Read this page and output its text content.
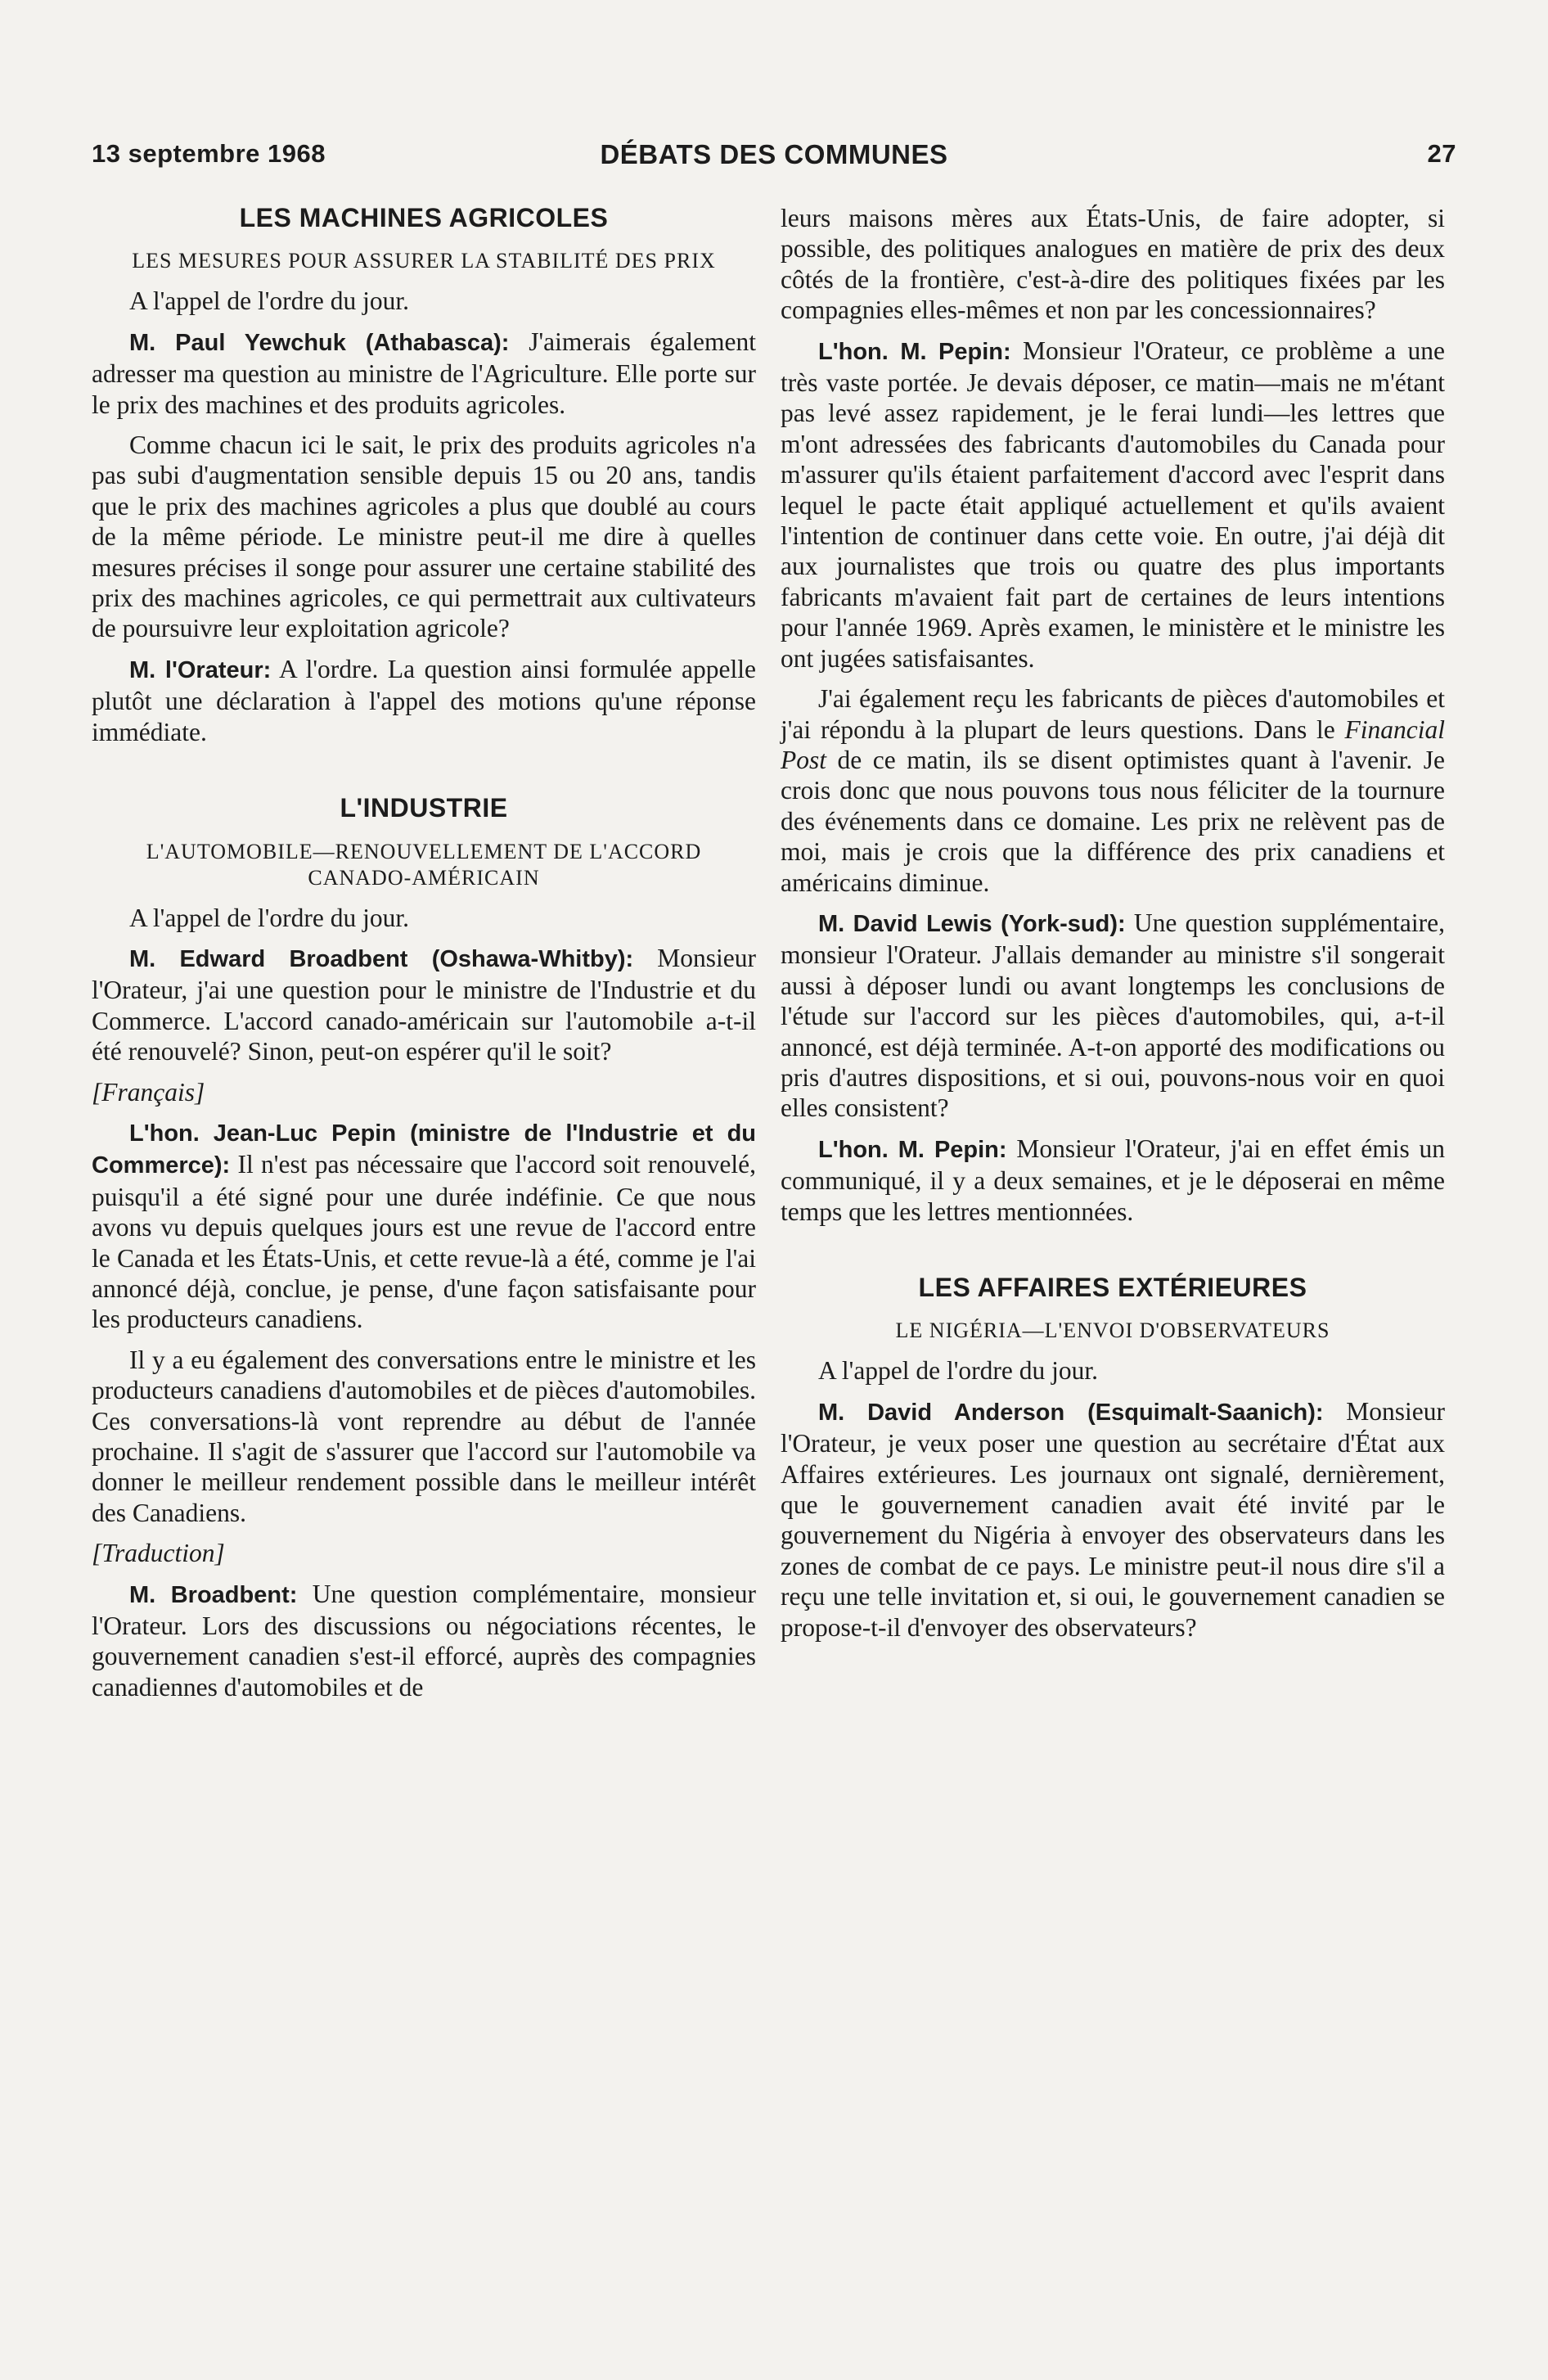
13 septembre 1968	DÉBATS DES COMMUNES	27
LES MACHINES AGRICOLES
LES MESURES POUR ASSURER LA STABILITÉ DES PRIX

A l'appel de l'ordre du jour.

M. Paul Yewchuk (Athabasca): J'aimerais également adresser ma question au ministre de l'Agriculture. Elle porte sur le prix des machines et des produits agricoles.

Comme chacun ici le sait, le prix des produits agricoles n'a pas subi d'augmentation sensible depuis 15 ou 20 ans, tandis que le prix des machines agricoles a plus que doublé au cours de la même période. Le ministre peut-il me dire à quelles mesures précises il songe pour assurer une certaine stabilité des prix des machines agricoles, ce qui permettrait aux cultivateurs de poursuivre leur exploitation agricole?

M. l'Orateur: A l'ordre. La question ainsi formulée appelle plutôt une déclaration à l'appel des motions qu'une réponse immédiate.

L'INDUSTRIE
L'AUTOMOBILE—RENOUVELLEMENT DE L'ACCORD CANADO-AMÉRICAIN

A l'appel de l'ordre du jour.

M. Edward Broadbent (Oshawa-Whitby): Monsieur l'Orateur, j'ai une question pour le ministre de l'Industrie et du Commerce. L'accord canado-américain sur l'automobile a-t-il été renouvelé? Sinon, peut-on espérer qu'il le soit?

[Français]

L'hon. Jean-Luc Pepin (ministre de l'Industrie et du Commerce): Il n'est pas nécessaire que l'accord soit renouvelé, puisqu'il a été signé pour une durée indéfinie. Ce que nous avons vu depuis quelques jours est une revue de l'accord entre le Canada et les États-Unis, et cette revue-là a été, comme je l'ai annoncé déjà, conclue, je pense, d'une façon satisfaisante pour les producteurs canadiens.

Il y a eu également des conversations entre le ministre et les producteurs canadiens d'automobiles et de pièces d'automobiles. Ces conversations-là vont reprendre au début de l'année prochaine. Il s'agit de s'assurer que l'accord sur l'automobile va donner le meilleur rendement possible dans le meilleur intérêt des Canadiens.

[Traduction]

M. Broadbent: Une question complémentaire, monsieur l'Orateur. Lors des discussions ou négociations récentes, le gouvernement canadien s'est-il efforcé, auprès des compagnies canadiennes d'automobiles et de

leurs maisons mères aux États-Unis, de faire adopter, si possible, des politiques analogues en matière de prix des deux côtés de la frontière, c'est-à-dire des politiques fixées par les compagnies elles-mêmes et non par les concessionnaires?

L'hon. M. Pepin: Monsieur l'Orateur, ce problème a une très vaste portée. Je devais déposer, ce matin—mais ne m'étant pas levé assez rapidement, je le ferai lundi—les lettres que m'ont adressées des fabricants d'automobiles du Canada pour m'assurer qu'ils étaient parfaitement d'accord avec l'esprit dans lequel le pacte était appliqué actuellement et qu'ils avaient l'intention de continuer dans cette voie. En outre, j'ai déjà dit aux journalistes que trois ou quatre des plus importants fabricants m'avaient fait part de certaines de leurs intentions pour l'année 1969. Après examen, le ministère et le ministre les ont jugées satisfaisantes.

J'ai également reçu les fabricants de pièces d'automobiles et j'ai répondu à la plupart de leurs questions. Dans le Financial Post de ce matin, ils se disent optimistes quant à l'avenir. Je crois donc que nous pouvons tous nous féliciter de la tournure des événements dans ce domaine. Les prix ne relèvent pas de moi, mais je crois que la différence des prix canadiens et américains diminue.

M. David Lewis (York-sud): Une question supplémentaire, monsieur l'Orateur. J'allais demander au ministre s'il songerait aussi à déposer lundi ou avant longtemps les conclusions de l'étude sur l'accord sur les pièces d'automobiles, qui, a-t-il annoncé, est déjà terminée. A-t-on apporté des modifications ou pris d'autres dispositions, et si oui, pouvons-nous voir en quoi elles consistent?

L'hon. M. Pepin: Monsieur l'Orateur, j'ai en effet émis un communiqué, il y a deux semaines, et je le déposerai en même temps que les lettres mentionnées.

LES AFFAIRES EXTÉRIEURES
LE NIGÉRIA—L'ENVOI D'OBSERVATEURS

A l'appel de l'ordre du jour.

M. David Anderson (Esquimalt-Saanich): Monsieur l'Orateur, je veux poser une question au secrétaire d'État aux Affaires extérieures. Les journaux ont signalé, dernièrement, que le gouvernement canadien avait été invité par le gouvernement du Nigéria à envoyer des observateurs dans les zones de combat de ce pays. Le ministre peut-il nous dire s'il a reçu une telle invitation et, si oui, le gouvernement canadien se propose-t-il d'envoyer des observateurs?
